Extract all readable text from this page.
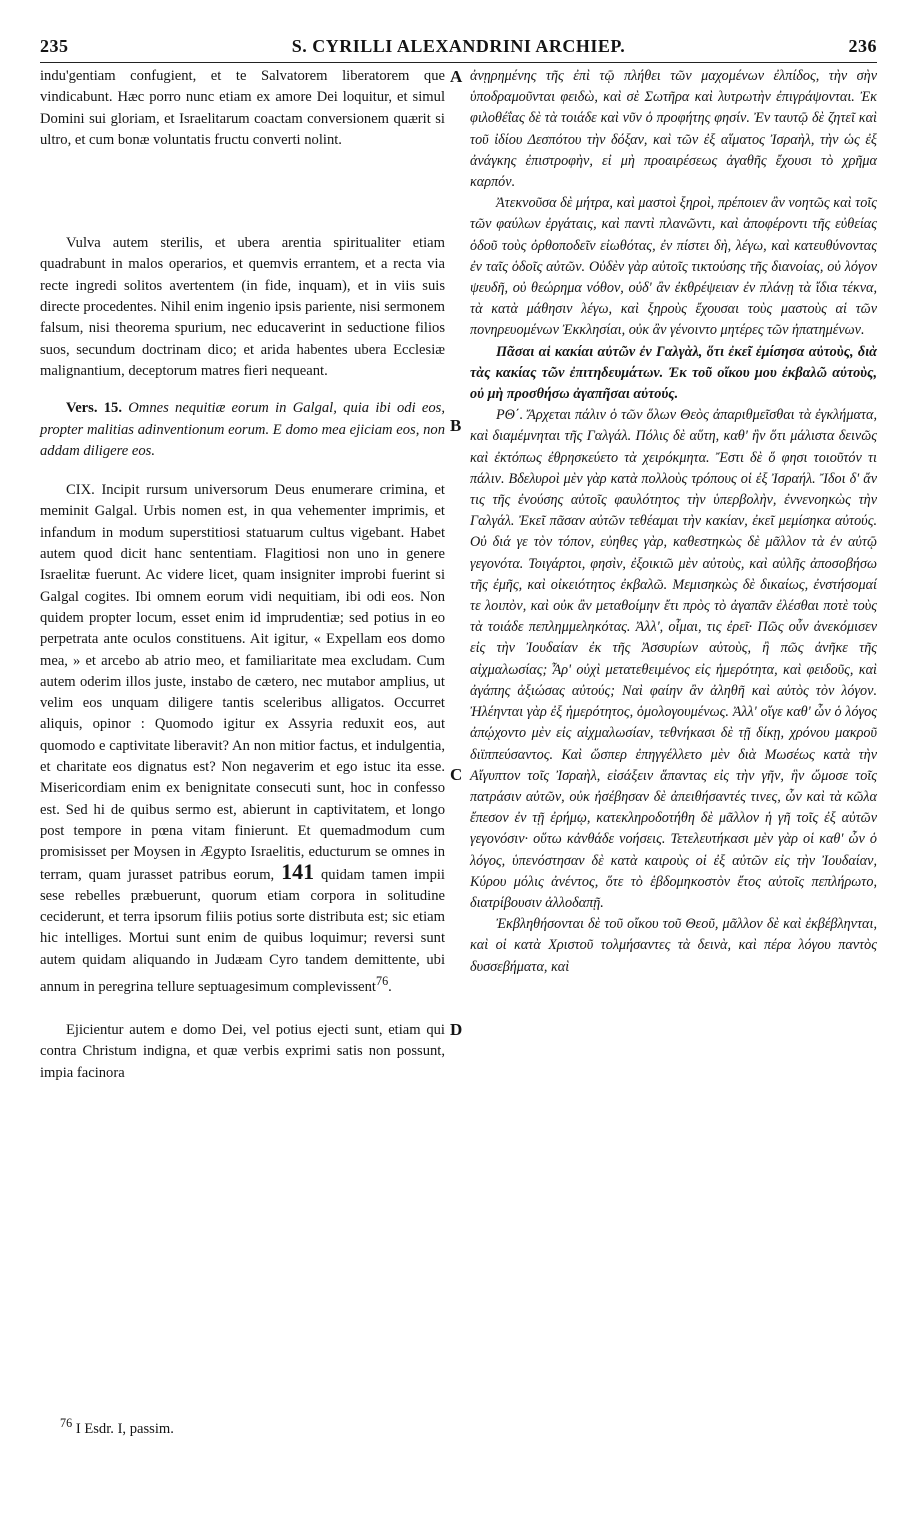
235	S. CYRILLI ALEXANDRINI ARCHIEP.	236
A
B
C
D

indu'gentiam confugient, et te Salvatorem liberatorem que vindicabunt. Hæc porro nunc etiam ex amore Dei loquitur, et simul Domini sui gloriam, et Israelitarum coactam conversionem quærit si ultro, et cum bonæ voluntatis fructu converti nolint.

Vulva autem sterilis, et ubera arentia spiritualiter etiam quadrabunt in malos operarios, et quemvis errantem, et a recta via recte ingredi solitos avertentem (in fide, inquam), et in viis suis directe procedentes. Nihil enim ingenio ipsis pariente, nisi sermonem falsum, nisi theorema spurium, nec educaverint in seductione filios suos, secundum doctrinam dico; et arida habentes ubera Ecclesiæ malignantium, deceptorum matres fieri nequeant.

Vers. 15. Omnes nequitiæ eorum in Galgal, quia ibi odi eos, propter malitias adinventionum eorum. E domo mea ejiciam eos, non addam diligere eos.

CIX. Incipit rursum universorum Deus enumerare crimina, et meminit Galgal. Urbis nomen est, in qua vehementer imprimis, et infandum in modum superstitiosi statuarum cultus vigebant. Habet autem quod dicit hanc sententiam. Flagitiosi non uno in genere Israelitæ fuerunt. Ac videre licet, quam insigniter improbi fuerint si Galgal cogites. Ibi omnem eorum vidi nequitiam, ibi odi eos. Non quidem propter locum, esset enim id imprudentiæ; sed potius in eo perpetrata ante oculos constituens. Ait igitur, « Expellam eos domo mea, » et arcebo ab atrio meo, et familiaritate mea excludam. Cum autem oderim illos juste, instabo de cætero, nec mutabor amplius, ut velim eos unquam diligere tantis sceleribus alligatos. Occurret aliquis, opinor : Quomodo igitur ex Assyria reduxit eos, aut quomodo e captivitate liberavit? An non mitior factus, et indulgentia, et charitate eos dignatus est? Non negaverim et ego istuc ita esse. Misericordiam enim ex benignitate consecuti sunt, hoc in confesso est. Sed hi de quibus sermo est, abierunt in captivitatem, et longo post tempore in pœna vitam finierunt. Et quemadmodum cum promisisset per Moysen in Ægypto Israelitis, educturum se omnes in terram, quam jurasset patribus eorum, 141 quidam tamen impii sese rebelles præbuerunt, quorum etiam corpora in solitudine ceciderunt, et terra ipsorum filiis potius sorte distributa est; sic etiam hic intelliges. Mortui sunt enim de quibus loquimur; reversi sunt autem quidam aliquando in Judæam Cyro tandem demittente, ubi annum in peregrina tellure septuagesimum complevissent$^{76}$.

Ejicientur autem e domo Dei, vel potius ejecti sunt, etiam qui contra Christum indigna, et quæ verbis exprimi satis non possunt, impia facinora

ἀνῃρημένης τῆς ἐπὶ τῷ πλήθει τῶν μαχομένων ἐλπίδος, τὴν σὴν ὑποδραμοῦνται φειδὼ, καὶ σὲ Σωτῆρα καὶ λυτρωτὴν ἐπιγράψονται. Ἐκ φιλοθέΐας δὲ τὰ τοιάδε καὶ νῦν ὁ προφήτης φησίν. Ἐν ταυτῷ δὲ ζητεῖ καὶ τοῦ ἰδίου Δεσπότου τὴν δόξαν, καὶ τῶν ἐξ αἵματος Ἰσραὴλ, τὴν ὡς ἐξ ἀνάγκης ἐπιστροφὴν, εἰ μὴ προαιρέσεως ἀγαθῆς ἔχουσι τὸ χρῆμα καρπόν.

Ἀτεκνοῦσα δὲ μήτρα, καὶ μαστοὶ ξηροὶ, πρέποιεν ἂν νοητῶς καὶ τοῖς τῶν φαύλων ἐργάταις, καὶ παντὶ πλανῶντι, καὶ ἀποφέροντι τῆς εὐθείας ὁδοῦ τοὺς ὀρθοποδεῖν εἰωθότας, ἐν πίστει δὴ, λέγω, καὶ κατευθύνοντας ἐν ταῖς ὁδοῖς αὐτῶν. Οὐδὲν γὰρ αὐτοῖς τικτούσης τῆς διανοίας, οὐ λόγον ψευδῆ, οὐ θεώρημα νόθον, οὐδ' ἂν ἐκθρέψειαν ἐν πλάνῃ τὰ ἴδια τέκνα, τὰ κατὰ μάθησιν λέγω, καὶ ξηροὺς ἔχουσαι τοὺς μαστοὺς αἱ τῶν πονηρευομένων Ἐκκλησίαι, οὐκ ἂν γένοιντο μητέρες τῶν ἠπατημένων.

Πᾶσαι αἱ κακίαι αὐτῶν ἐν Γαλγὰλ, ὅτι ἐκεῖ ἐμίσησα αὐτοὺς, διὰ τὰς κακίας τῶν ἐπιτηδευμάτων. Ἐκ τοῦ οἴκου μου ἐκβαλῶ αὐτοὺς, οὐ μὴ προσθήσω ἀγαπῆσαι αὐτούς.

ΡΘ΄. Ἄρχεται πάλιν ὁ τῶν ὅλων Θεὸς ἀπαριθμεῖσθαι τὰ ἐγκλήματα, καὶ διαμέμνηται τῆς Γαλγάλ. Πόλις δὲ αὕτη, καθ' ἣν ὅτι μάλιστα δεινῶς καὶ ἐκτόπως ἐθρησκεύετο τὰ χειρόκμητα. Ἔστι δὲ ὅ φησι τοιοῦτόν τι πάλιν. Βδελυροὶ μὲν γὰρ κατὰ πολλοὺς τρόπους οἱ ἐξ Ἰσραήλ. Ἴδοι δ' ἄν τις τῆς ἐνούσης αὐτοῖς φαυλότητος τὴν ὑπερβολὴν, ἐννενοηκὼς τὴν Γαλγάλ. Ἐκεῖ πᾶσαν αὐτῶν τεθέαμαι τὴν κακίαν, ἐκεῖ μεμίσηκα αὐτούς. Οὐ διά γε τὸν τόπον, εὐηθες γὰρ, καθεστηκὼς δὲ μᾶλλον τὰ ἐν αὐτῷ γεγονότα. Τοιγάρτοι, φησὶν, ἐξοικιῶ μὲν αὐτοὺς, καὶ αὐλῆς ἀποσοβήσω τῆς ἐμῆς, καὶ οἰκειότητος ἐκβαλῶ. Μεμισηκὼς δὲ δικαίως, ἐνστήσομαί τε λοιπὸν, καὶ οὐκ ἂν μεταθοίμην ἔτι πρὸς τὸ ἀγαπᾶν ἐλέσθαι ποτὲ τοὺς τὰ τοιάδε πεπλημμεληκότας. Ἀλλ', οἶμαι, τις ἐρεῖ· Πῶς οὖν ἀνεκόμισεν εἰς τὴν Ἰουδαίαν ἐκ τῆς Ἀσσυρίων αὐτοὺς, ἢ πῶς ἀνῆκε τῆς αἰχμαλωσίας; Ἆρ' οὐχὶ μετατεθειμένος εἰς ἡμερότητα, καὶ φειδοῦς, καὶ ἀγάπης ἀξιώσας αὐτούς; Ναὶ φαίην ἂν ἀληθῆ καὶ αὐτὸς τὸν λόγον. Ἠλέηνται γὰρ ἐξ ἡμερότητος, ὁμολογουμένως. Ἀλλ' οἵγε καθ' ὧν ὁ λόγος ἀπῴχοντο μὲν εἰς αἰχμαλωσίαν, τεθνήκασι δὲ τῇ δίκῃ, χρόνου μακροῦ διϊππεύσαντος. Καὶ ὥσπερ ἐπηγγέλλετο μὲν διὰ Μωσέως κατὰ τὴν Αἴγυπτον τοῖς Ἰσραὴλ, εἰσάξειν ἅπαντας εἰς τὴν γῆν, ἣν ὤμοσε τοῖς πατράσιν αὐτῶν, οὐκ ἠσέβησαν δὲ ἀπειθήσαντές τινες, ὧν καὶ τὰ κῶλα ἔπεσον ἐν τῇ ἐρήμῳ, κατεκληροδοτήθη δὲ μᾶλλον ἡ γῆ τοῖς ἐξ αὐτῶν γεγονόσιν· οὕτω κἀνθάδε νοήσεις. Τετελευτήκασι μὲν γὰρ οἱ καθ' ὧν ὁ λόγος, ὑπενόστησαν δὲ κατὰ καιροὺς οἱ ἐξ αὐτῶν εἰς τὴν Ἰουδαίαν, Κύρου μόλις ἀνέντος, ὅτε τὸ ἑβδομηκοστὸν ἔτος αὐτοῖς πεπλήρωτο, διατρίβουσιν ἀλλοδαπῇ.

Ἐκβληθήσονται δὲ τοῦ οἴκου τοῦ Θεοῦ, μᾶλλον δὲ καὶ ἐκβέβληνται, καὶ οἱ κατὰ Χριστοῦ τολμήσαντες τὰ δεινὰ, καὶ πέρα λόγου παντὸς δυσσεβήματα, καὶ

$^{76}$ I Esdr. I, passim.
